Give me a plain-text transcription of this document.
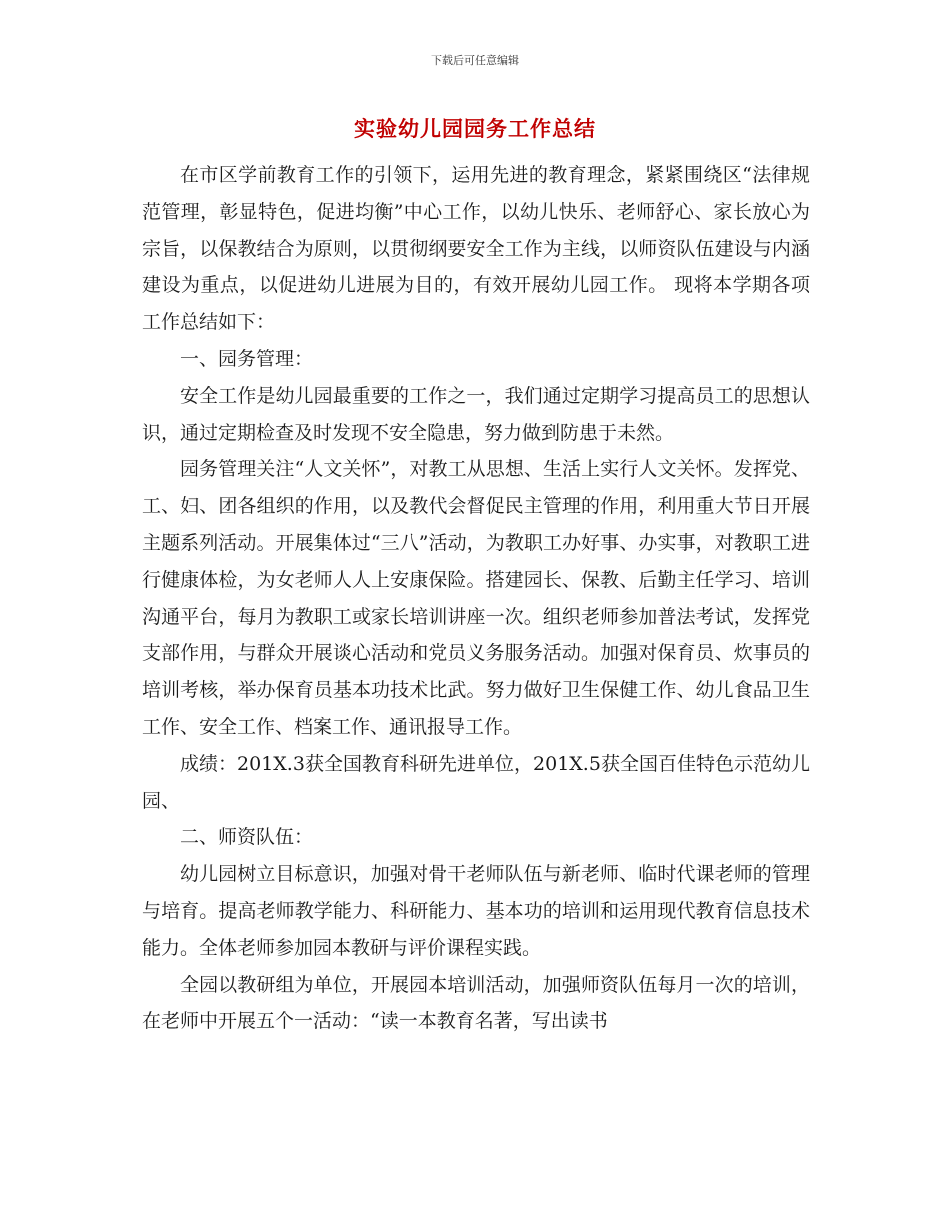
下载后可任意编辑
实验幼儿园园务工作总结

在市区学前教育工作的引领下，运用先进的教育理念，紧紧围绕区“法律规范管理，彰显特色，促进均衡”中心工作，以幼儿快乐、老师舒心、家长放心为宗旨，以保教结合为原则，以贯彻纲要安全工作为主线，以师资队伍建设与内涵建设为重点，以促进幼儿进展为目的，有效开展幼儿园工作。 现将本学期各项工作总结如下：

一、园务管理：

安全工作是幼儿园最重要的工作之一，我们通过定期学习提高员工的思想认识，通过定期检查及时发现不安全隐患，努力做到防患于未然。

园务管理关注“人文关怀”，对教工从思想、生活上实行人文关怀。发挥党、工、妇、团各组织的作用，以及教代会督促民主管理的作用，利用重大节日开展主题系列活动。开展集体过“三八”活动，为教职工办好事、办实事，对教职工进行健康体检，为女老师人人上安康保险。搭建园长、保教、后勤主任学习、培训沟通平台，每月为教职工或家长培训讲座一次。组织老师参加普法考试，发挥党支部作用，与群众开展谈心活动和党员义务服务活动。加强对保育员、炊事员的培训考核，举办保育员基本功技术比武。努力做好卫生保健工作、幼儿食品卫生工作、安全工作、档案工作、通讯报导工作。

成绩：201X.3获全国教育科研先进单位，201X.5获全国百佳特色示范幼儿园、

二、师资队伍：

幼儿园树立目标意识，加强对骨干老师队伍与新老师、临时代课老师的管理与培育。提高老师教学能力、科研能力、基本功的培训和运用现代教育信息技术能力。全体老师参加园本教研与评价课程实践。

全园以教研组为单位，开展园本培训活动，加强师资队伍每月一次的培训，在老师中开展五个一活动：“读一本教育名著，写出读书
